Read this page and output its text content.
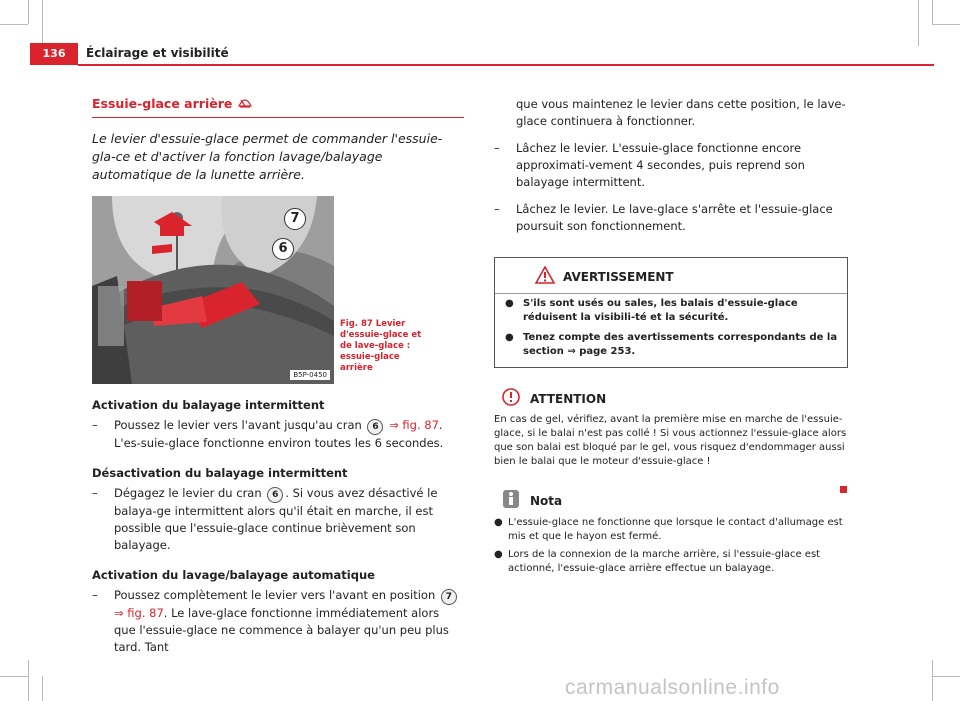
136	Éclairage et visibilité
Essuie-glace arrière
Le levier d'essuie-glace permet de commander l'essuie-gla-ce et d'activer la fonction lavage/balayage automatique de la lunette arrière.
7
6
B5P-0450
Fig. 87 Levier d'essuie-glace et de lave-glace : essuie-glace arrière
Activation du balayage intermittent
–	Poussez le levier vers l'avant jusqu'au cran 6 ⇒ fig. 87. L'es-suie-glace fonctionne environ toutes les 6 secondes.
Désactivation du balayage intermittent
–	Dégagez le levier du cran 6 . Si vous avez désactivé le balaya-ge intermittent alors qu'il était en marche, il est possible que l'essuie-glace continue brièvement son balayage.
Activation du lavage/balayage automatique
–	Poussez complètement le levier vers l'avant en position 7 ⇒ fig. 87. Le lave-glace fonctionne immédiatement alors que l'essuie-glace ne commence à balayer qu'un peu plus tard. Tant
que vous maintenez le levier dans cette position, le lave-glace continuera à fonctionner.
–	Lâchez le levier. L'essuie-glace fonctionne encore approximati-vement 4 secondes, puis reprend son balayage intermittent.
–	Lâchez le levier. Le lave-glace s'arrête et l'essuie-glace poursuit son fonctionnement.
AVERTISSEMENT
● S'ils sont usés ou sales, les balais d'essuie-glace réduisent la visibili-té et la sécurité.
● Tenez compte des avertissements correspondants de la section ⇒ page 253.
ATTENTION
En cas de gel, vérifiez, avant la première mise en marche de l'essuie-glace, si le balai n'est pas collé ! Si vous actionnez l'essuie-glace alors que son balai est bloqué par le gel, vous risquez d'endommager aussi bien le balai que le moteur d'essuie-glace !
Nota
● L'essuie-glace ne fonctionne que lorsque le contact d'allumage est mis et que le hayon est fermé.
● Lors de la connexion de la marche arrière, si l'essuie-glace est actionné, l'essuie-glace arrière effectue un balayage.
carmanualsonline.info
